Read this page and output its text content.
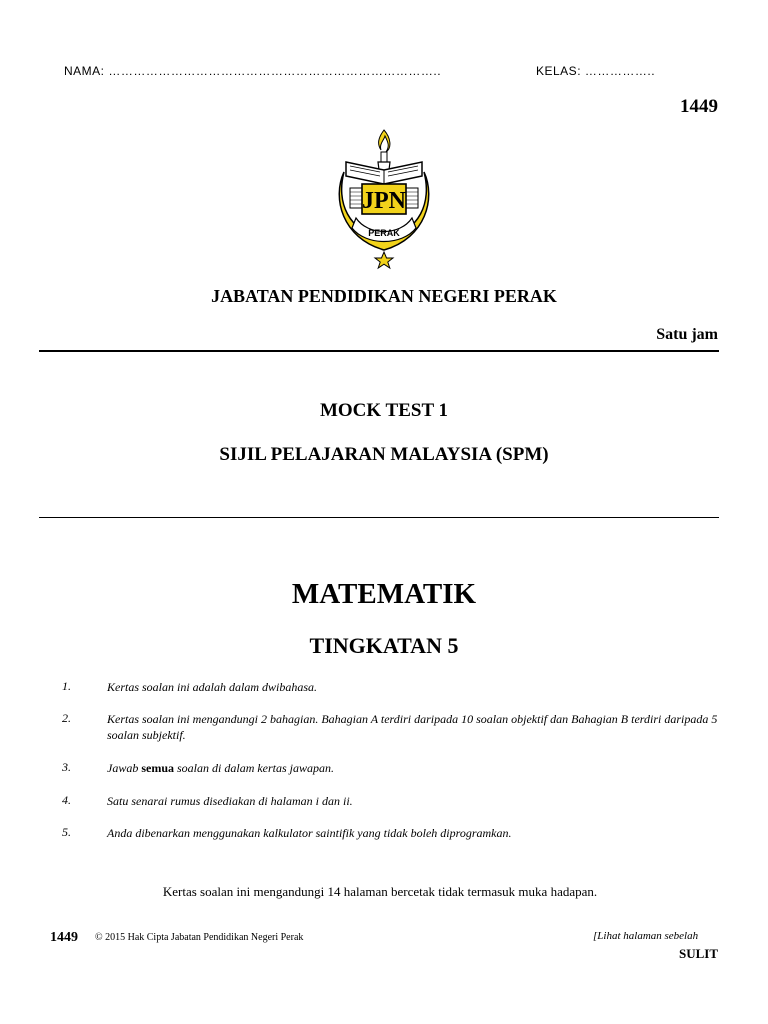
NAMA: ……………………………………………………………………..	KELAS: ……………..
1449
JPN
PERAK
JABATAN PENDIDIKAN NEGERI PERAK
Satu jam
MOCK TEST 1
SIJIL PELAJARAN MALAYSIA (SPM)
MATEMATIK
TINGKATAN 5
1.	Kertas soalan ini adalah dalam dwibahasa.
2.	Kertas soalan ini mengandungi 2 bahagian. Bahagian A terdiri daripada 10 soalan objektif dan Bahagian B terdiri daripada 5 soalan subjektif.
3.	Jawab semua soalan di dalam kertas jawapan.
4.	Satu senarai rumus disediakan di halaman i dan ii.
5.	Anda dibenarkan menggunakan kalkulator saintifik yang tidak boleh diprogramkan.
Kertas soalan ini mengandungi 14 halaman bercetak tidak termasuk muka hadapan.
1449 © 2015 Hak Cipta Jabatan Pendidikan Negeri Perak	[Lihat halaman sebelah
SULIT
